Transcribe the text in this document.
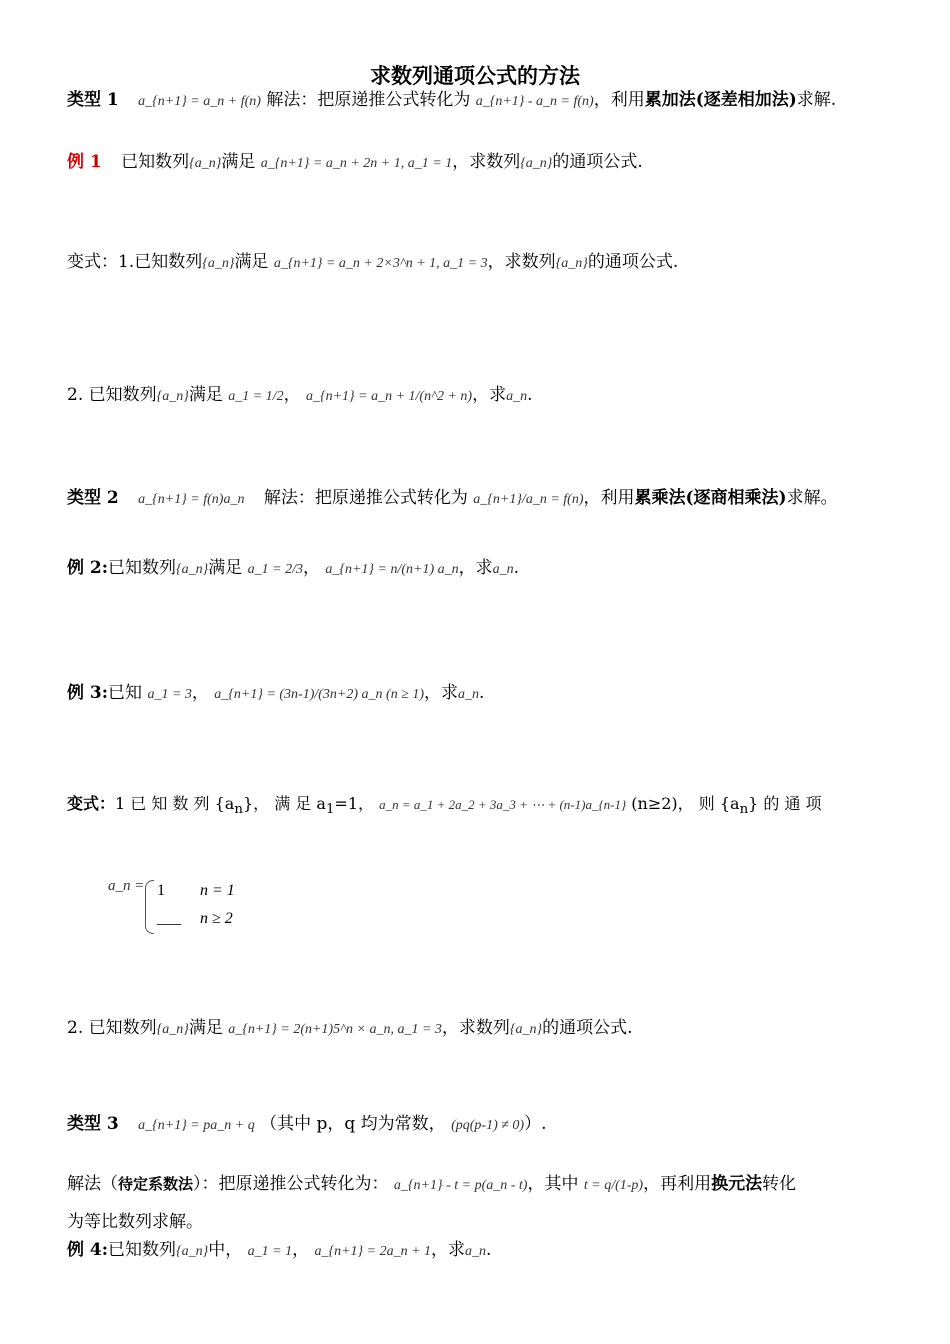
求数列通项公式的方法
类型 1 a_{n+1} = a_n + f(n) 解法：把原递推公式转化为 a_{n+1} - a_n = f(n)，利用累加法(逐差相加法)求解.
例 1 已知数列{a_n}满足 a_{n+1} = a_n + 2n + 1, a_1 = 1，求数列{a_n}的通项公式.
变式：1.已知数列{a_n}满足 a_{n+1} = a_n + 2×3^n + 1, a_1 = 3，求数列{a_n}的通项公式.
2. 已知数列{a_n}满足 a_1 = 1/2， a_{n+1} = a_n + 1/(n^2 + n)，求a_n.
类型 2 a_{n+1} = f(n)a_n 解法：把原递推公式转化为 a_{n+1}/a_n = f(n)，利用累乘法(逐商相乘法)求解。
例 2:已知数列{a_n}满足 a_1 = 2/3， a_{n+1} = n/(n+1) a_n，求a_n.
例 3:已知 a_1 = 3， a_{n+1} = (3n-1)/(3n+2) a_n (n ≥ 1)，求a_n.
变式：1 已 知 数 列 $\{a_n\}$， 满 足 $a_1=1$， a_n = a_1 + 2a_2 + 3a_3 + ⋯ + (n-1)a_{n-1} (n≥2)， 则 $\{a_n\}$ 的 通 项
a_n = 1 n = 1
___ n ≥ 2
2. 已知数列{a_n}满足 a_{n+1} = 2(n+1)5^n × a_n, a_1 = 3，求数列{a_n}的通项公式.
类型 3 a_{n+1} = pa_n + q （其中 p，q 均为常数， (pq(p-1) ≠ 0)）.
解法（待定系数法）：把原递推公式转化为： a_{n+1} - t = p(a_n - t)，其中 t = q/(1-p)，再利用换元法转化
为等比数列求解。
例 4:已知数列{a_n}中， a_1 = 1， a_{n+1} = 2a_n + 1，求a_n.
